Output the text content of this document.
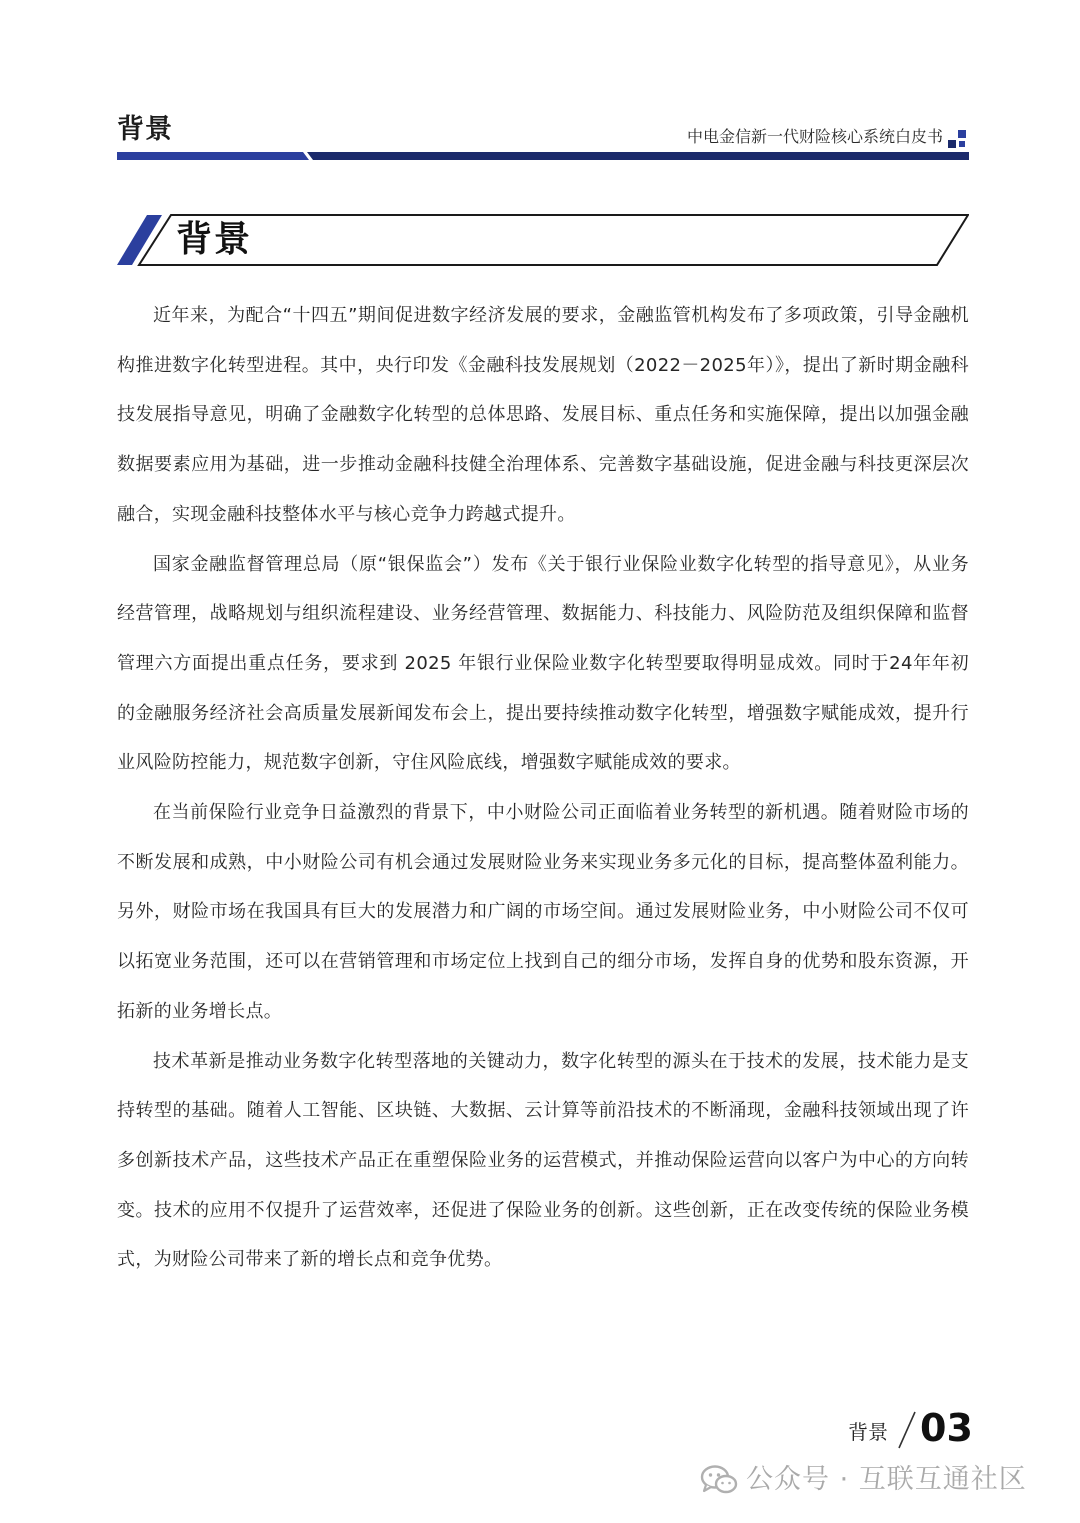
背景	中电金信新一代财险核心系统白皮书
背景

近年来，为配合“十四五”期间促进数字经济发展的要求，金融监管机构发布了多项政策，引导金融机构推进数字化转型进程。其中，央行印发《金融科技发展规划（2022－2025年）》，提出了新时期金融科技发展指导意见，明确了金融数字化转型的总体思路、发展目标、重点任务和实施保障，提出以加强金融数据要素应用为基础，进一步推动金融科技健全治理体系、完善数字基础设施，促进金融与科技更深层次融合，实现金融科技整体水平与核心竞争力跨越式提升。

国家金融监督管理总局（原“银保监会”）发布《关于银行业保险业数字化转型的指导意见》，从业务经营管理，战略规划与组织流程建设、业务经营管理、数据能力、科技能力、风险防范及组织保障和监督管理六方面提出重点任务，要求到 2025 年银行业保险业数字化转型要取得明显成效。同时于24年年初的金融服务经济社会高质量发展新闻发布会上，提出要持续推动数字化转型，增强数字赋能成效，提升行业风险防控能力，规范数字创新，守住风险底线，增强数字赋能成效的要求。

在当前保险行业竞争日益激烈的背景下，中小财险公司正面临着业务转型的新机遇。随着财险市场的不断发展和成熟，中小财险公司有机会通过发展财险业务来实现业务多元化的目标，提高整体盈利能力。另外，财险市场在我国具有巨大的发展潜力和广阔的市场空间。通过发展财险业务，中小财险公司不仅可以拓宽业务范围，还可以在营销管理和市场定位上找到自己的细分市场，发挥自身的优势和股东资源，开拓新的业务增长点。

技术革新是推动业务数字化转型落地的关键动力，数字化转型的源头在于技术的发展，技术能力是支持转型的基础。随着人工智能、区块链、大数据、云计算等前沿技术的不断涌现，金融科技领域出现了许多创新技术产品，这些技术产品正在重塑保险业务的运营模式，并推动保险运营向以客户为中心的方向转变。技术的应用不仅提升了运营效率，还促进了保险业务的创新。这些创新，正在改变传统的保险业务模式，为财险公司带来了新的增长点和竞争优势。

背景 03
公众号 · 互联互通社区
